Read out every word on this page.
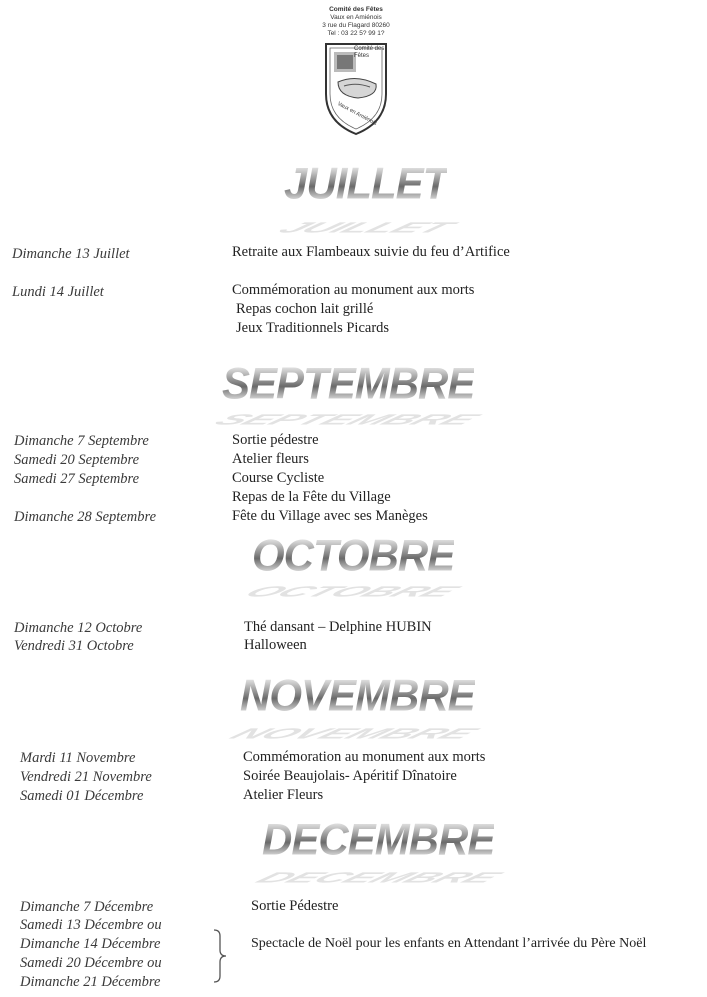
Comité des Fêtes
Vaux en Amiénois
3 rue du Flagard 80260
Tel : 03 22 5? 99 1?
Comité des
Fêtes
Vaux en Amiénois
JUILLET
JUILLET
Dimanche 13 Juillet	Retraite aux Flambeaux suivie du feu d’Artifice
Lundi 14 Juillet	Commémoration au monument aux morts
Repas cochon lait grillé
Jeux Traditionnels Picards
SEPTEMBRE
SEPTEMBRE
Dimanche 7 Septembre	Sortie pédestre
Samedi 20 Septembre	Atelier fleurs
Samedi 27 Septembre	Course Cycliste
Repas de la Fête du Village
Dimanche 28 Septembre	Fête du Village avec ses Manèges
OCTOBRE
OCTOBRE
Dimanche 12 Octobre	Thé dansant – Delphine HUBIN
Vendredi 31 Octobre	Halloween
NOVEMBRE
NOVEMBRE
Mardi 11 Novembre	Commémoration au monument aux morts
Vendredi 21 Novembre	Soirée Beaujolais- Apéritif Dînatoire
Samedi 01 Décembre	Atelier Fleurs
DECEMBRE
DECEMBRE
Dimanche 7 Décembre	Sortie Pédestre
Samedi 13 Décembre ou
Dimanche 14 Décembre	Spectacle de Noël pour les enfants en Attendant l’arrivée du Père Noël
Samedi 20 Décembre ou
Dimanche 21 Décembre
